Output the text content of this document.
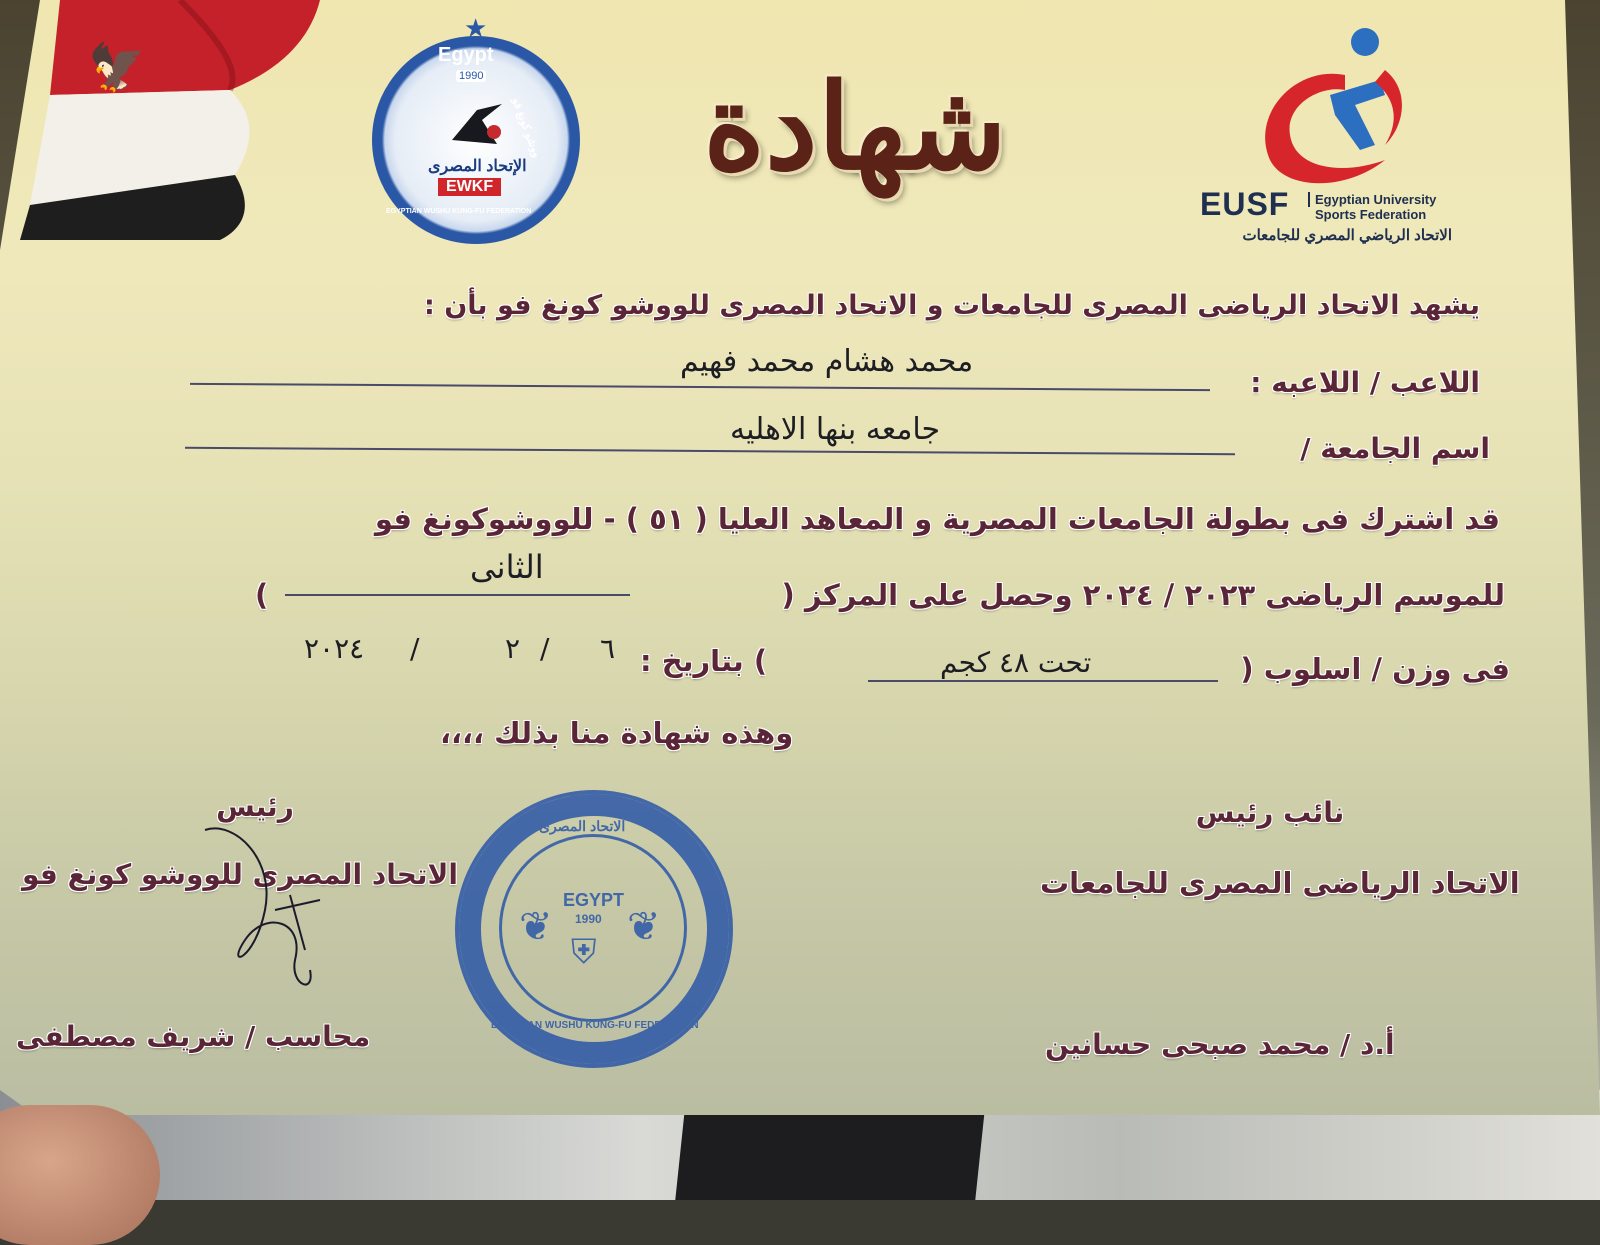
🦅
★
Egypt
1990
الإتحاد المصرى
EWKF
ووشو كونغ فو
EGYPTIAN WUSHU KUNG-FU FEDERATION
شهادة
EUSF	Egyptian University
Sports Federation
الاتحاد الرياضي المصري للجامعات
يشهد الاتحاد الرياضى المصرى للجامعات و الاتحاد المصرى للووشو كونغ فو بأن :
اللاعب / اللاعبه :
محمد هشام محمد فهيم
اسم الجامعة /
جامعه بنها الاهليه
قد اشترك فى بطولة الجامعات المصرية و المعاهد العليا ( ٥١ ) - للووشوكونغ فو
للموسم الرياضى ٢٠٢٣ / ٢٠٢٤ وحصل على المركز (
)
الثانى
فى وزن / اسلوب (
تحت ٤٨ كجم
) بتاريخ :
٦
/
٢
/
٢٠٢٤
وهذه شهادة منا بذلك ،،،،
رئيس
الاتحاد المصرى للووشو كونغ فو
محاسب / شريف مصطفى
الاتحاد المصرى
EGYPTIAN WUSHU KUNG-FU FEDERATION
EGYPT
1990
⛨
❦ ❦
نائب رئيس
الاتحاد الرياضى المصرى للجامعات
أ.د / محمد صبحى حسانين
